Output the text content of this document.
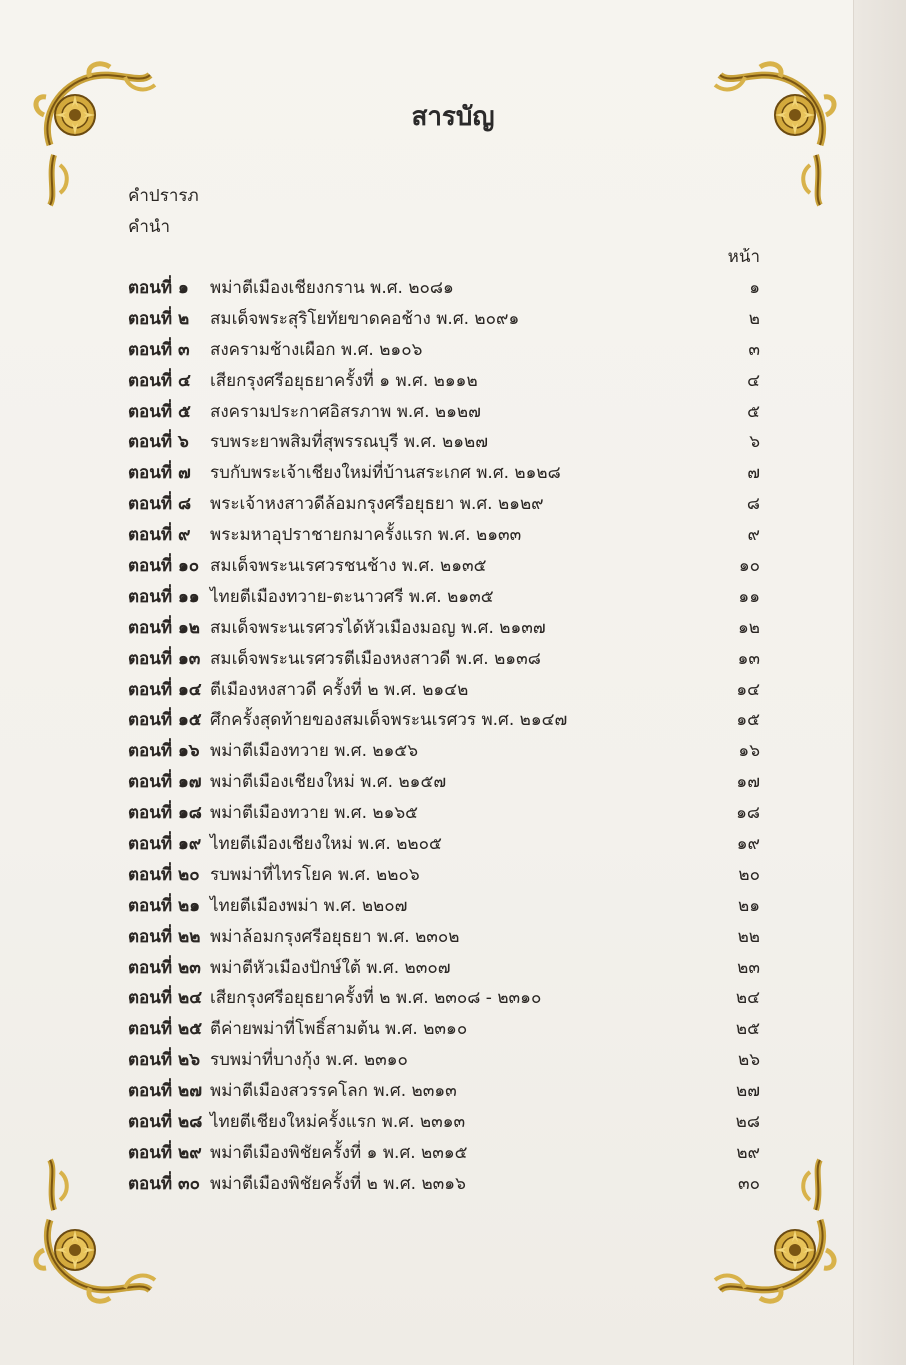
สารบัญ
คำปรารภ
คำนำ
หน้า
ตอนที่ ๑ พม่าตีเมืองเชียงกราน พ.ศ. ๒๐๘๑	๑
ตอนที่ ๒ สมเด็จพระสุริโยทัยขาดคอช้าง พ.ศ. ๒๐๙๑	๒
ตอนที่ ๓ สงครามช้างเผือก พ.ศ. ๒๑๐๖	๓
ตอนที่ ๔ เสียกรุงศรีอยุธยาครั้งที่ ๑ พ.ศ. ๒๑๑๒	๔
ตอนที่ ๕ สงครามประกาศอิสรภาพ พ.ศ. ๒๑๒๗	๕
ตอนที่ ๖ รบพระยาพสิมที่สุพรรณบุรี พ.ศ. ๒๑๒๗	๖
ตอนที่ ๗ รบกับพระเจ้าเชียงใหม่ที่บ้านสระเกศ พ.ศ. ๒๑๒๘	๗
ตอนที่ ๘ พระเจ้าหงสาวดีล้อมกรุงศรีอยุธยา พ.ศ. ๒๑๒๙	๘
ตอนที่ ๙ พระมหาอุปราชายกมาครั้งแรก พ.ศ. ๒๑๓๓	๙
ตอนที่ ๑๐ สมเด็จพระนเรศวรชนช้าง พ.ศ. ๒๑๓๕	๑๐
ตอนที่ ๑๑ ไทยตีเมืองทวาย-ตะนาวศรี พ.ศ. ๒๑๓๕	๑๑
ตอนที่ ๑๒ สมเด็จพระนเรศวรได้หัวเมืองมอญ พ.ศ. ๒๑๓๗	๑๒
ตอนที่ ๑๓ สมเด็จพระนเรศวรตีเมืองหงสาวดี พ.ศ. ๒๑๓๘	๑๓
ตอนที่ ๑๔ ตีเมืองหงสาวดี ครั้งที่ ๒ พ.ศ. ๒๑๔๒	๑๔
ตอนที่ ๑๕ ศึกครั้งสุดท้ายของสมเด็จพระนเรศวร พ.ศ. ๒๑๔๗	๑๕
ตอนที่ ๑๖ พม่าตีเมืองทวาย พ.ศ. ๒๑๕๖	๑๖
ตอนที่ ๑๗ พม่าตีเมืองเชียงใหม่ พ.ศ. ๒๑๕๗	๑๗
ตอนที่ ๑๘ พม่าตีเมืองทวาย พ.ศ. ๒๑๖๕	๑๘
ตอนที่ ๑๙ ไทยตีเมืองเชียงใหม่ พ.ศ. ๒๒๐๕	๑๙
ตอนที่ ๒๐ รบพม่าที่ไทรโยค พ.ศ. ๒๒๐๖	๒๐
ตอนที่ ๒๑ ไทยตีเมืองพม่า พ.ศ. ๒๒๐๗	๒๑
ตอนที่ ๒๒ พม่าล้อมกรุงศรีอยุธยา พ.ศ. ๒๓๐๒	๒๒
ตอนที่ ๒๓ พม่าตีหัวเมืองปักษ์ใต้ พ.ศ. ๒๓๐๗	๒๓
ตอนที่ ๒๔ เสียกรุงศรีอยุธยาครั้งที่ ๒ พ.ศ. ๒๓๐๘ - ๒๓๑๐	๒๔
ตอนที่ ๒๕ ตีค่ายพม่าที่โพธิ์สามต้น พ.ศ. ๒๓๑๐	๒๕
ตอนที่ ๒๖ รบพม่าที่บางกุ้ง พ.ศ. ๒๓๑๐	๒๖
ตอนที่ ๒๗ พม่าตีเมืองสวรรคโลก พ.ศ. ๒๓๑๓	๒๗
ตอนที่ ๒๘ ไทยตีเชียงใหม่ครั้งแรก พ.ศ. ๒๓๑๓	๒๘
ตอนที่ ๒๙ พม่าตีเมืองพิชัยครั้งที่ ๑ พ.ศ. ๒๓๑๕	๒๙
ตอนที่ ๓๐ พม่าตีเมืองพิชัยครั้งที่ ๒ พ.ศ. ๒๓๑๖	๓๐
